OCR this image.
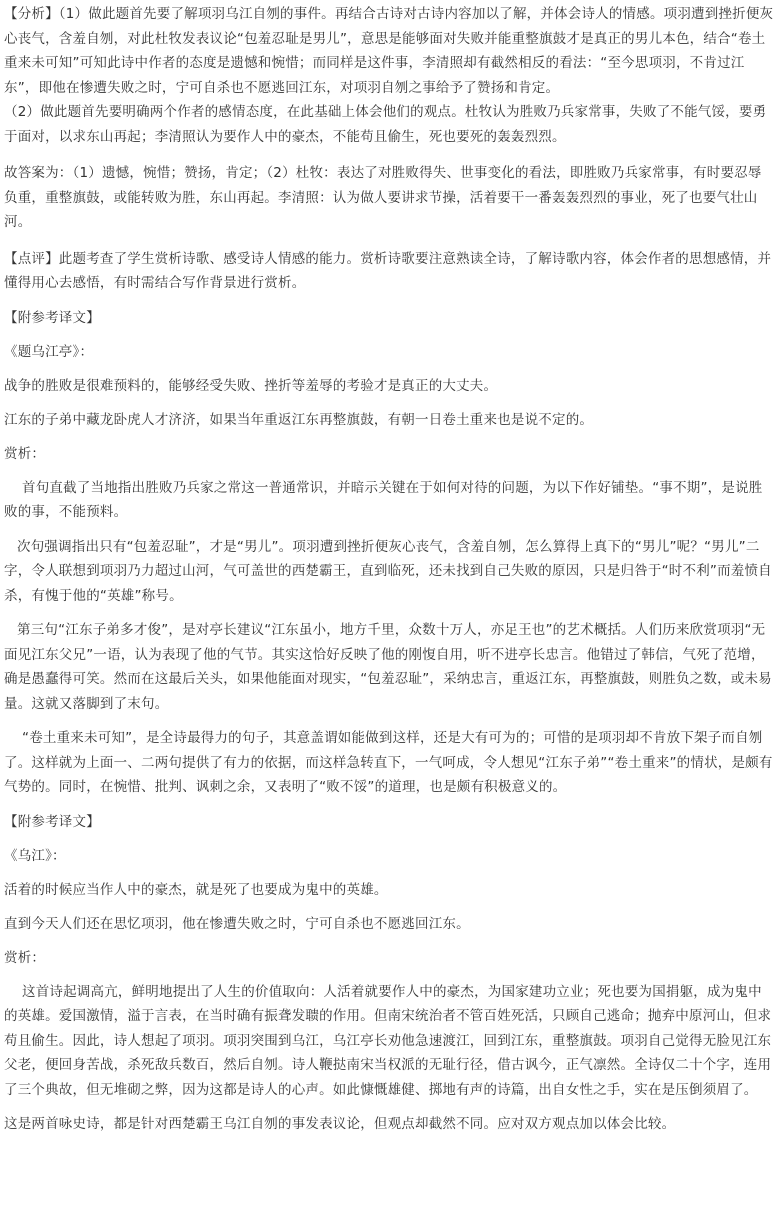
【分析】（1）做此题首先要了解项羽乌江自刎的事件。再结合古诗对古诗内容加以了解，并体会诗人的情感。项羽遭到挫折便灰心丧气，含羞自刎，对此杜牧发表议论“包羞忍耻是男儿”，意思是能够面对失败并能重整旗鼓才是真正的男儿本色，结合“卷土重来未可知”可知此诗中作者的态度是遗憾和惋惜；而同样是这件事，李清照却有截然相反的看法：“至今思项羽，不肯过江东”，即他在惨遭失败之时，宁可自杀也不愿逃回江东，对项羽自刎之事给予了赞扬和肯定。

（2）做此题首先要明确两个作者的感情态度，在此基础上体会他们的观点。杜牧认为胜败乃兵家常事，失败了不能气馁，要勇于面对，以求东山再起；李清照认为要作人中的豪杰，不能苟且偷生，死也要死的轰轰烈烈。

故答案为：（1）遗憾，惋惜；赞扬，肯定；（2）杜牧：表达了对胜败得失、世事变化的看法，即胜败乃兵家常事，有时要忍辱负重，重整旗鼓，或能转败为胜，东山再起。李清照：认为做人要讲求节操，活着要干一番轰轰烈烈的事业，死了也要气壮山河。

【点评】此题考查了学生赏析诗歌、感受诗人情感的能力。赏析诗歌要注意熟读全诗，了解诗歌内容，体会作者的思想感情，并懂得用心去感悟，有时需结合写作背景进行赏析。

【附参考译文】

《题乌江亭》：

战争的胜败是很难预料的，能够经受失败、挫折等羞辱的考验才是真正的大丈夫。

江东的子弟中藏龙卧虎人才济济，如果当年重返江东再整旗鼓，有朝一日卷土重来也是说不定的。

赏析：

首句直截了当地指出胜败乃兵家之常这一普通常识，并暗示关键在于如何对待的问题，为以下作好铺垫。“事不期”，是说胜败的事，不能预料。

次句强调指出只有“包羞忍耻”，才是“男儿”。项羽遭到挫折便灰心丧气，含羞自刎，怎么算得上真下的“男儿”呢？“男儿”二字，令人联想到项羽乃力超过山河，气可盖世的西楚霸王，直到临死，还未找到自己失败的原因，只是归咎于“时不利”而羞愤自杀，有愧于他的“英雄”称号。

第三句“江东子弟多才俊”，是对亭长建议“江东虽小，地方千里，众数十万人，亦足王也”的艺术概括。人们历来欣赏项羽“无面见江东父兄”一语，认为表现了他的气节。其实这恰好反映了他的刚愎自用，听不进亭长忠言。他错过了韩信，气死了范增，确是愚蠢得可笑。然而在这最后关头，如果他能面对现实，“包羞忍耻”，采纳忠言，重返江东，再整旗鼓，则胜负之数，或未易量。这就又落脚到了末句。

“卷土重来未可知”，是全诗最得力的句子，其意盖谓如能做到这样，还是大有可为的；可惜的是项羽却不肯放下架子而自刎了。这样就为上面一、二两句提供了有力的依据，而这样急转直下，一气呵成，令人想见“江东子弟”“卷土重来”的情状，是颇有气势的。同时，在惋惜、批判、讽刺之余，又表明了“败不馁”的道理，也是颇有积极意义的。

【附参考译文】

《乌江》：

活着的时候应当作人中的豪杰，就是死了也要成为鬼中的英雄。

直到今天人们还在思忆项羽，他在惨遭失败之时，宁可自杀也不愿逃回江东。

赏析：

这首诗起调高亢，鲜明地提出了人生的价值取向：人活着就要作人中的豪杰，为国家建功立业；死也要为国捐躯，成为鬼中的英雄。爱国激情，溢于言表，在当时确有振聋发聩的作用。但南宋统治者不管百姓死活，只顾自己逃命；抛弃中原河山，但求苟且偷生。因此，诗人想起了项羽。项羽突围到乌江，乌江亭长劝他急速渡江，回到江东，重整旗鼓。项羽自己觉得无脸见江东父老，便回身苦战，杀死敌兵数百，然后自刎。诗人鞭挞南宋当权派的无耻行径，借古讽今，正气凛然。全诗仅二十个字，连用了三个典故，但无堆砌之弊，因为这都是诗人的心声。如此慷慨雄健、掷地有声的诗篇，出自女性之手，实在是压倒须眉了。

这是两首咏史诗，都是针对西楚霸王乌江自刎的事发表议论，但观点却截然不同。应对双方观点加以体会比较。
